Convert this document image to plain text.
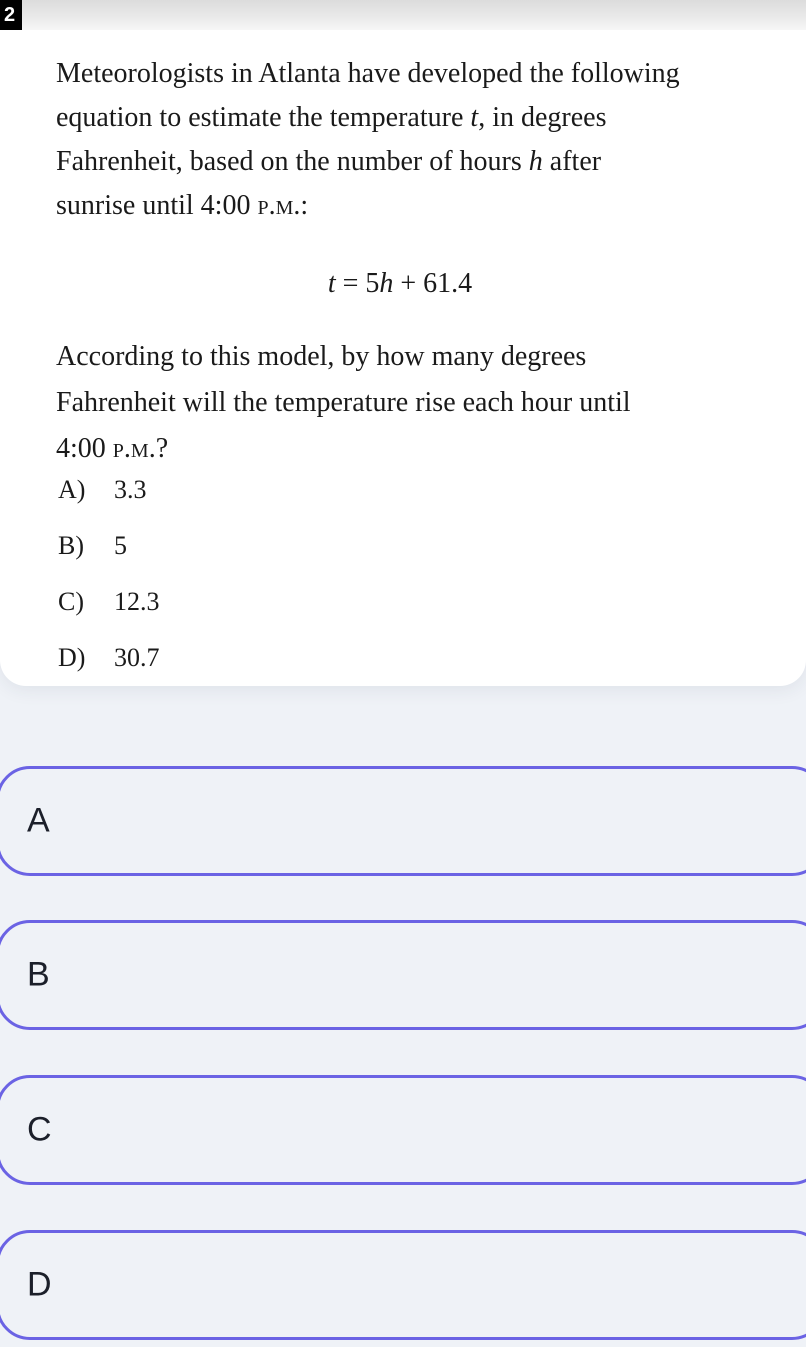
2

Meteorologists in Atlanta have developed the following
equation to estimate the temperature t, in degrees
Fahrenheit, based on the number of hours h after
sunrise until 4:00 p.m.:

t = 5h + 61.4

According to this model, by how many degrees
Fahrenheit will the temperature rise each hour until
4:00 p.m.?

A) 3.3
B) 5
C) 12.3
D) 30.7
A
B
C
D
